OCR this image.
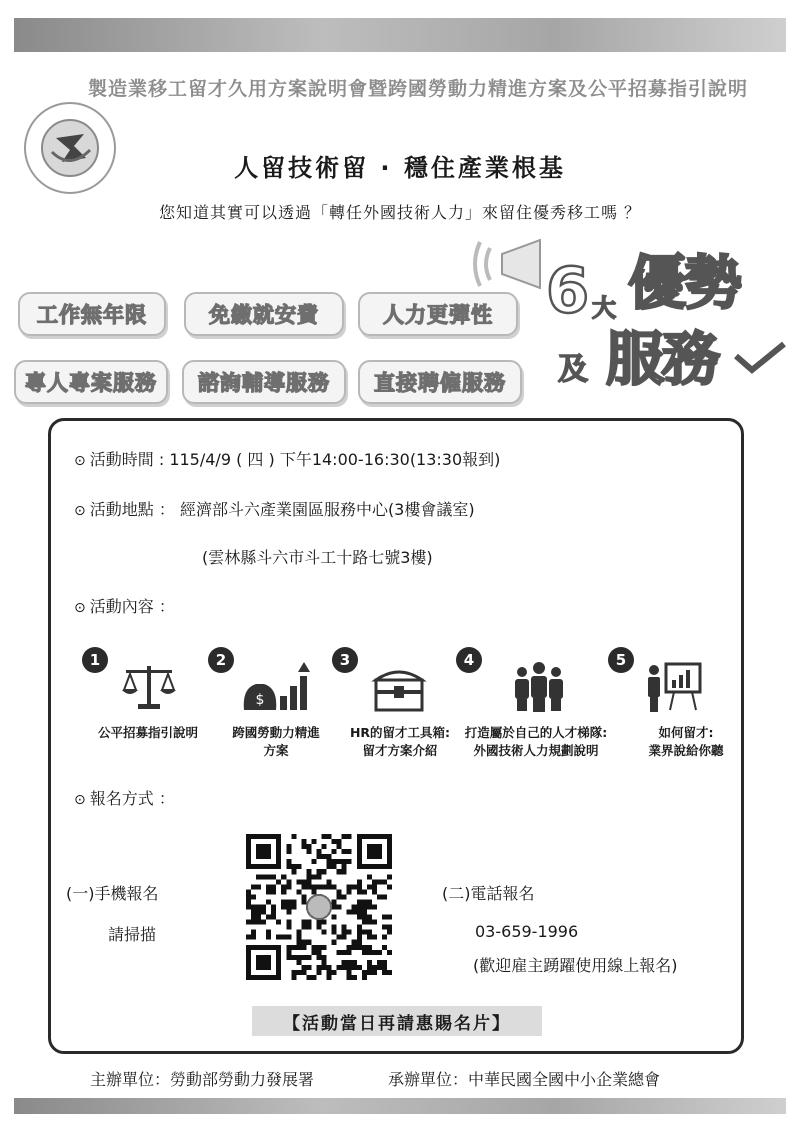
製造業移工留才久用方案說明會暨跨國勞動力精進方案及公平招募指引說明
人留技術留 · 穩住產業根基
您知道其實可以透過「轉任外國技術人力」來留住優秀移工嗎 ？
工作無年限	免繳就安費	人力更彈性
專人專案服務	諮詢輔導服務	直接聘僱服務
6 大 優勢
及 服務
⊙ 活動時間 : 115/4/9 ( 四 ) 下午14:00-16:30(13:30報到)
⊙ 活動地點 ： 經濟部斗六產業園區服務中心(3樓會議室)
(雲林縣斗六市斗工十路七號3樓)
⊙ 活動內容 ：
1
公平招募指引說明
2
$
跨國勞動力精進
方案
3
HR的留才工具箱:
留才方案介紹
4
打造屬於自己的人才梯隊:
外國技術人力規劃說明
5
如何留才:
業界說給你聽
⊙ 報名方式 ：
(一)手機報名
請掃描
(二)電話報名
03-659-1996
(歡迎雇主踴躍使用線上報名)
【活動當日再請惠賜名片】
主辦單位：勞動部勞動力發展署	承辦單位：中華民國全國中小企業總會
